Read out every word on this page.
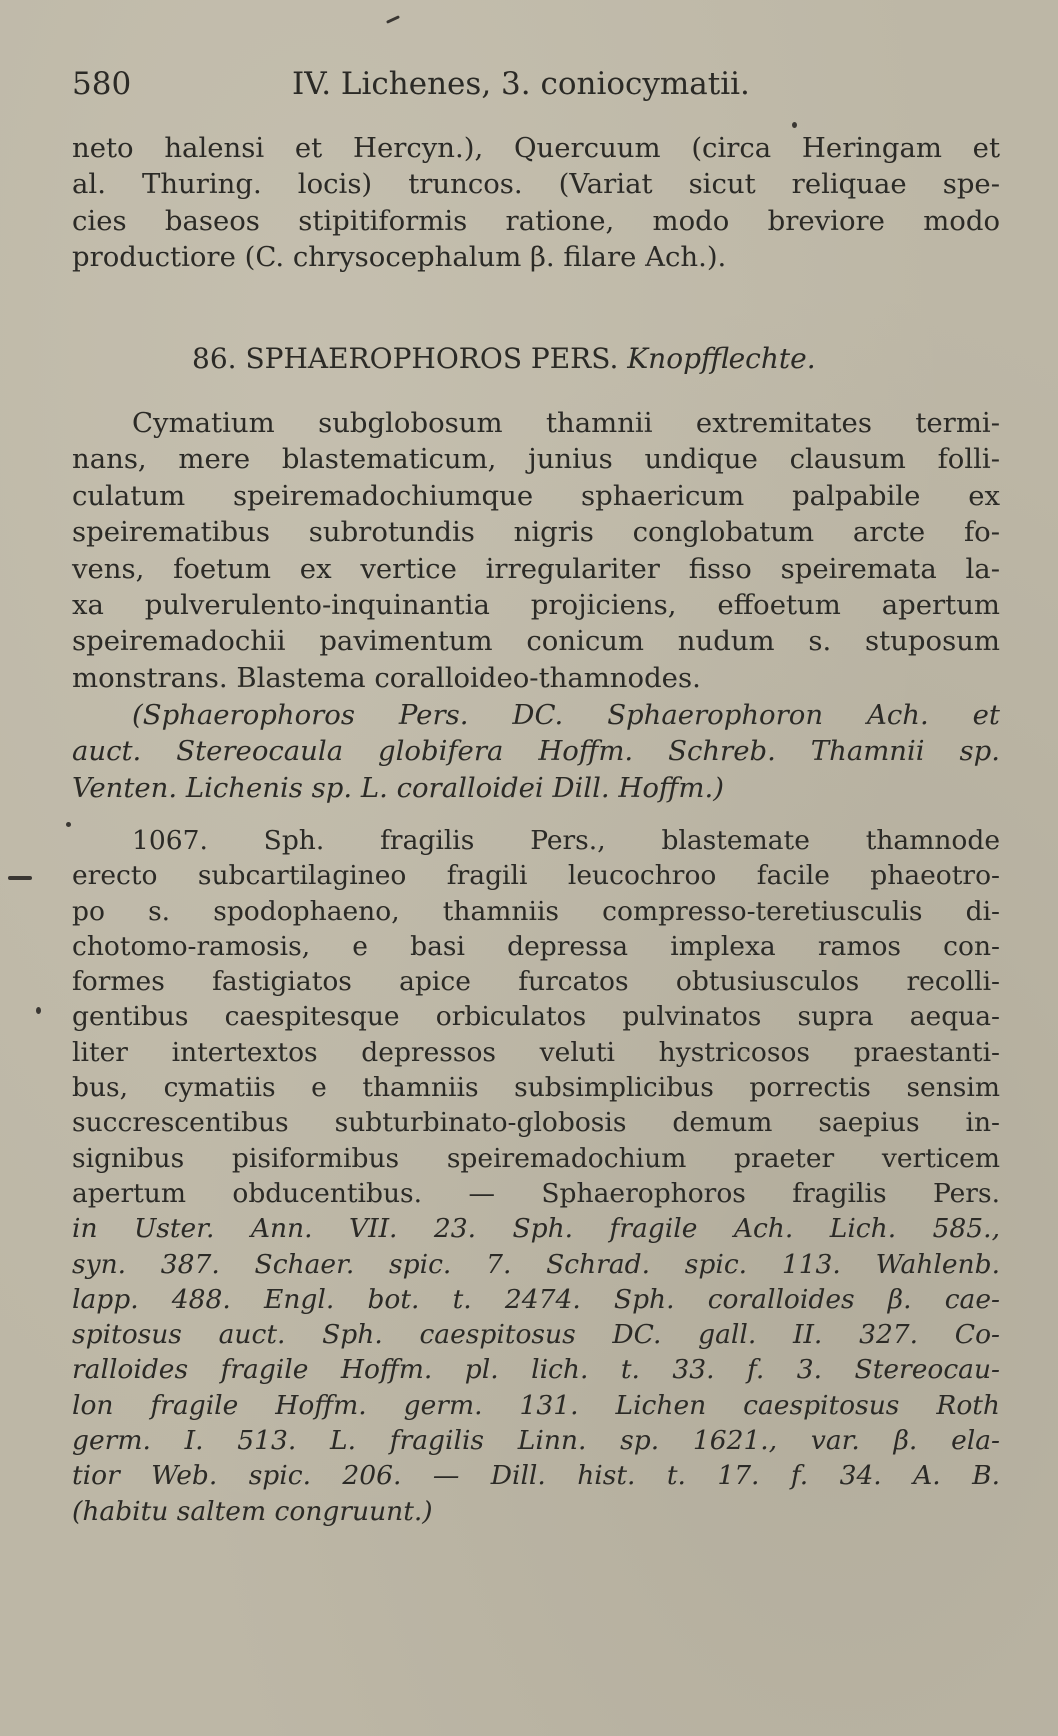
580	IV. Lichenes, 3. coniocymatii.
neto halensi et Hercyn.), Quercuum (circa Heringam et
al. Thuring. locis) truncos. (Variat sicut reliquae spe-
cies baseos stipitiformis ratione, modo breviore modo
productiore (C. chrysocephalum β. filare Ach.).
86. SPHAEROPHOROS PERS. Knopfflechte.
Cymatium subglobosum thamnii extremitates termi-
nans, mere blastematicum, junius undique clausum folli-
culatum speiremadochiumque sphaericum palpabile ex
speirematibus subrotundis nigris conglobatum arcte fo-
vens, foetum ex vertice irregulariter fisso speiremata la-
xa pulverulento-inquinantia projiciens, effoetum apertum
speiremadochii pavimentum conicum nudum s. stuposum
monstrans. Blastema coralloideo-thamnodes.
(Sphaerophoros Pers. DC. Sphaerophoron Ach. et
auct. Stereocaula globifera Hoffm. Schreb. Thamnii sp.
Venten. Lichenis sp. L. coralloidei Dill. Hoffm.)
1067. Sph. fragilis Pers., blastemate thamnode
erecto subcartilagineo fragili leucochroo facile phaeotro-
po s. spodophaeno, thamniis compresso-teretiusculis di-
chotomo-ramosis, e basi depressa implexa ramos con-
formes fastigiatos apice furcatos obtusiusculos recolli-
gentibus caespitesque orbiculatos pulvinatos supra aequa-
liter intertextos depressos veluti hystricosos praestanti-
bus, cymatiis e thamniis subsimplicibus porrectis sensim
succrescentibus subturbinato-globosis demum saepius in-
signibus pisiformibus speiremadochium praeter verticem
apertum obducentibus. — Sphaerophoros fragilis Pers.
in Uster. Ann. VII. 23. Sph. fragile Ach. Lich. 585.,
syn. 387. Schaer. spic. 7. Schrad. spic. 113. Wahlenb.
lapp. 488. Engl. bot. t. 2474. Sph. coralloides β. cae-
spitosus auct. Sph. caespitosus DC. gall. II. 327. Co-
ralloides fragile Hoffm. pl. lich. t. 33. f. 3. Stereocau-
lon fragile Hoffm. germ. 131. Lichen caespitosus Roth
germ. I. 513. L. fragilis Linn. sp. 1621., var. β. ela-
tior Web. spic. 206. — Dill. hist. t. 17. f. 34. A. B.
(habitu saltem congruunt.)
